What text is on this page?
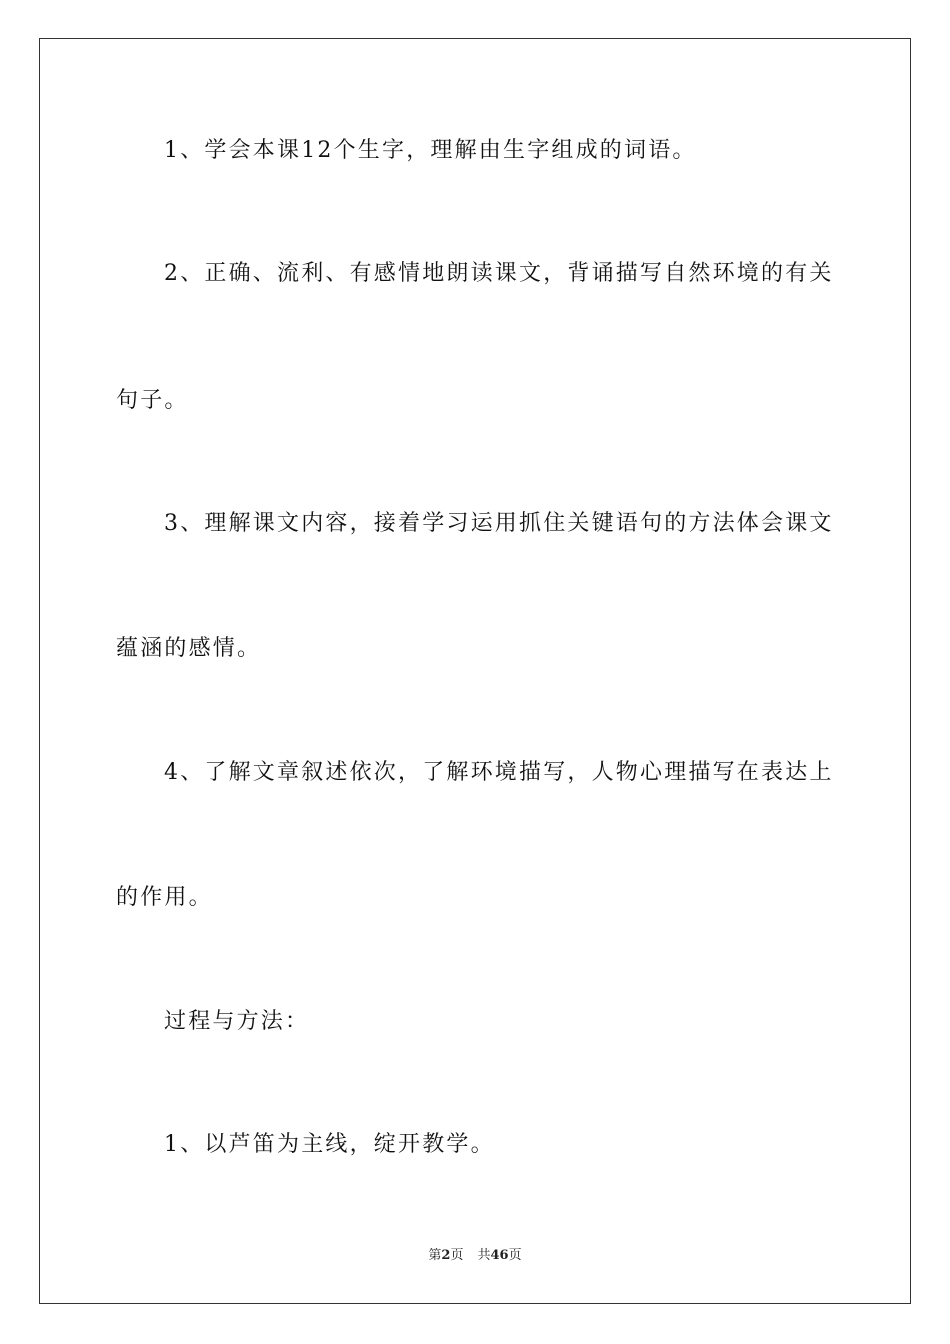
1、学会本课12个生字，理解由生字组成的词语。
2、正确、流利、有感情地朗读课文，背诵描写自然环境的有关
句子。
3、理解课文内容，接着学习运用抓住关键语句的方法体会课文
蕴涵的感情。
4、了解文章叙述依次，了解环境描写，人物心理描写在表达上
的作用。
过程与方法：
1、以芦笛为主线，绽开教学。
第2页 共46页
